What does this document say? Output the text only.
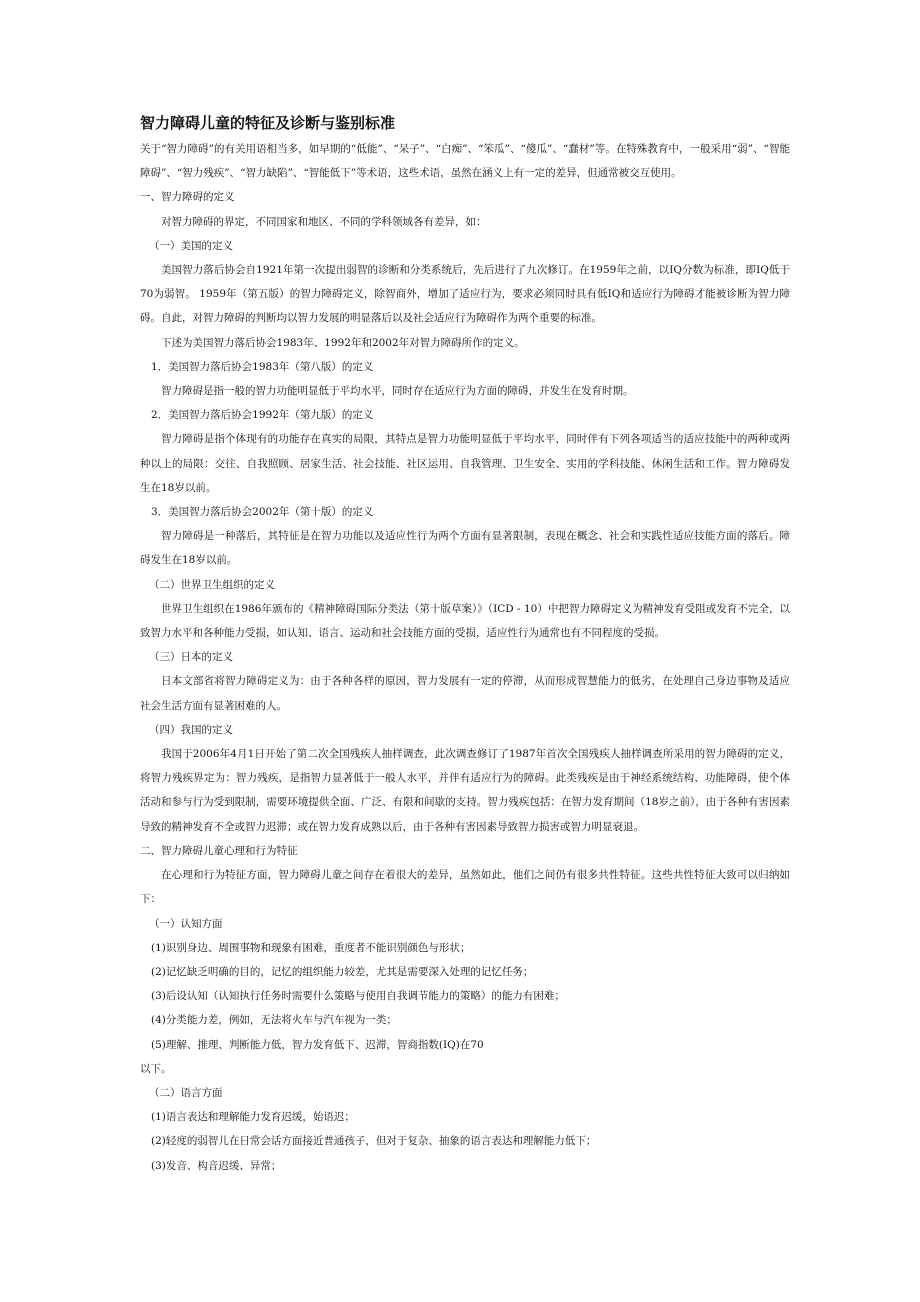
智力障碍儿童的特征及诊断与鉴别标准

关于“智力障碍”的有关用语相当多，如早期的“低能”、“呆子”、“白痴”、“笨瓜”、“傻瓜”、“蠢材”等。在特殊教育中，一般采用“弱”、“智能障碍”、“智力残疾”、“智力缺陷”、“智能低下”等术语，这些术语，虽然在涵义上有一定的差异，但通常被交互使用。

一、智力障碍的定义

对智力障碍的界定，不同国家和地区、不同的学科领域各有差异，如：

（一）美国的定义

美国智力落后协会自1921年第一次提出弱智的诊断和分类系统后，先后进行了九次修订。在1959年之前，以IQ分数为标准，即IQ低于70为弱智。 1959年（第五版）的智力障碍定义，除智商外，增加了适应行为，要求必须同时具有低IQ和适应行为障碍才能被诊断为智力障碍。自此，对智力障碍的判断均以智力发展的明显落后以及社会适应行为障碍作为两个重要的标准。

下述为美国智力落后协会1983年、1992年和2002年对智力障碍所作的定义。

1．美国智力落后协会1983年（第八版）的定义

智力障碍是指一般的智力功能明显低于平均水平，同时存在适应行为方面的障碍，并发生在发育时期。

2．美国智力落后协会1992年（第九版）的定义

智力障碍是指个体现有的功能存在真实的局限，其特点是智力功能明显低于平均水平，同时伴有下列各项适当的适应技能中的两种或两种以上的局限：交往、自我照顾、居家生活、社会技能、社区运用、自我管理、卫生安全、实用的学科技能、休闲生活和工作。智力障碍发生在18岁以前。

3．美国智力落后协会2002年（第十版）的定义

智力障碍是一种落后，其特征是在智力功能以及适应性行为两个方面有显著限制，表现在概念、社会和实践性适应技能方面的落后。障碍发生在18岁以前。

（二）世界卫生组织的定义

世界卫生组织在1986年颁布的《精神障碍国际分类法（第十版草案）》（ICD - 10）中把智力障碍定义为精神发育受阻或发育不完全，以致智力水平和各种能力受损，如认知、语言、运动和社会技能方面的受损，适应性行为通常也有不同程度的受损。

（三）日本的定义

日本文部省将智力障碍定义为：由于各种各样的原因，智力发展有一定的停滞，从而形成智慧能力的低劣，在处理自己身边事物及适应社会生活方面有显著困难的人。

（四）我国的定义

我国于2006年4月1日开始了第二次全国残疾人抽样调查，此次调查修订了1987年首次全国残疾人抽样调查所采用的智力障碍的定义，将智力残疾界定为：智力残疾，是指智力显著低于一般人水平，并伴有适应行为的障碍。此类残疾是由于神经系统结构、功能障碍，使个体活动和参与行为受到限制，需要环境提供全面、广泛、有限和间歇的支持。智力残疾包括：在智力发育期间（18岁之前），由于各种有害因素导致的精神发育不全或智力迟滞；或在智力发育成熟以后，由于各种有害因素导致智力损害或智力明显衰退。

二、智力障碍儿童心理和行为特征

在心理和行为特征方面，智力障碍儿童之间存在着很大的差异，虽然如此，他们之间仍有很多共性特征。这些共性特征大致可以归纳如下：

（一）认知方面

(1)识别身边、周围事物和现象有困难，重度者不能识别颜色与形状；

(2)记忆缺乏明确的目的，记忆的组织能力较差，尤其是需要深入处理的记忆任务；

(3)后设认知（认知执行任务时需要什么策略与使用自我调节能力的策略）的能力有困难；

(4)分类能力差，例如，无法将火车与汽车视为一类；

(5)理解、推理、判断能力低，智力发育低下、迟滞，智商指数(IQ)在70

以下。

（二）语言方面

(1)语言表达和理解能力发育迟缓，始语迟；

(2)轻度的弱智儿在日常会话方面接近普通孩子，但对于复杂、抽象的语言表达和理解能力低下；

(3)发音、构音迟缓、异常；
